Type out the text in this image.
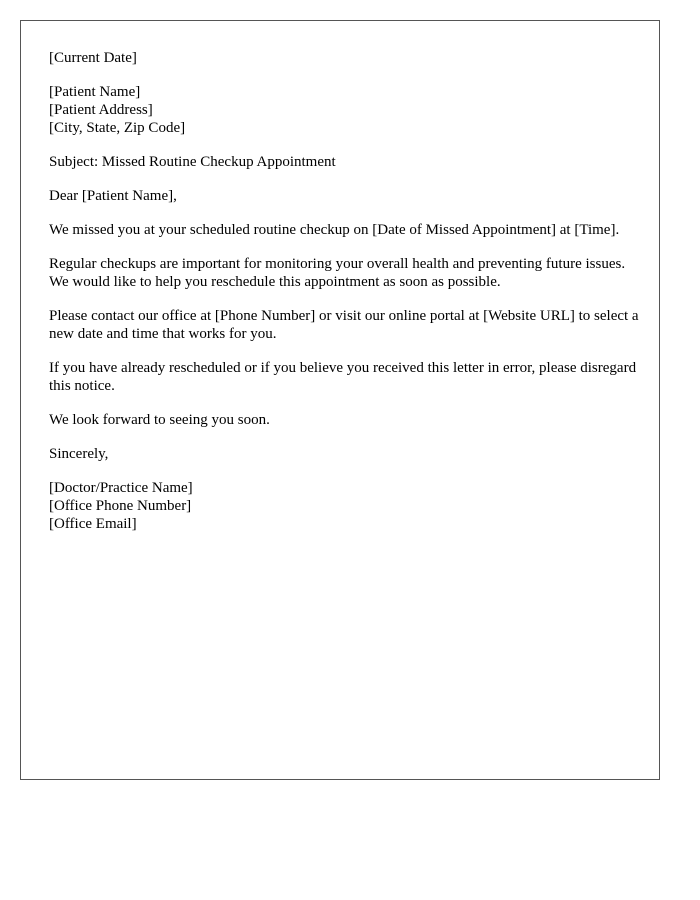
[Current Date]
[Patient Name]
[Patient Address]
[City, State, Zip Code]

Subject: Missed Routine Checkup Appointment

Dear [Patient Name],

We missed you at your scheduled routine checkup on [Date of Missed Appointment] at [Time].

Regular checkups are important for monitoring your overall health and preventing future issues. We would like to help you reschedule this appointment as soon as possible.

Please contact our office at [Phone Number] or visit our online portal at [Website URL] to select a new date and time that works for you.

If you have already rescheduled or if you believe you received this letter in error, please disregard this notice.

We look forward to seeing you soon.

Sincerely,

[Doctor/Practice Name]
[Office Phone Number]
[Office Email]
